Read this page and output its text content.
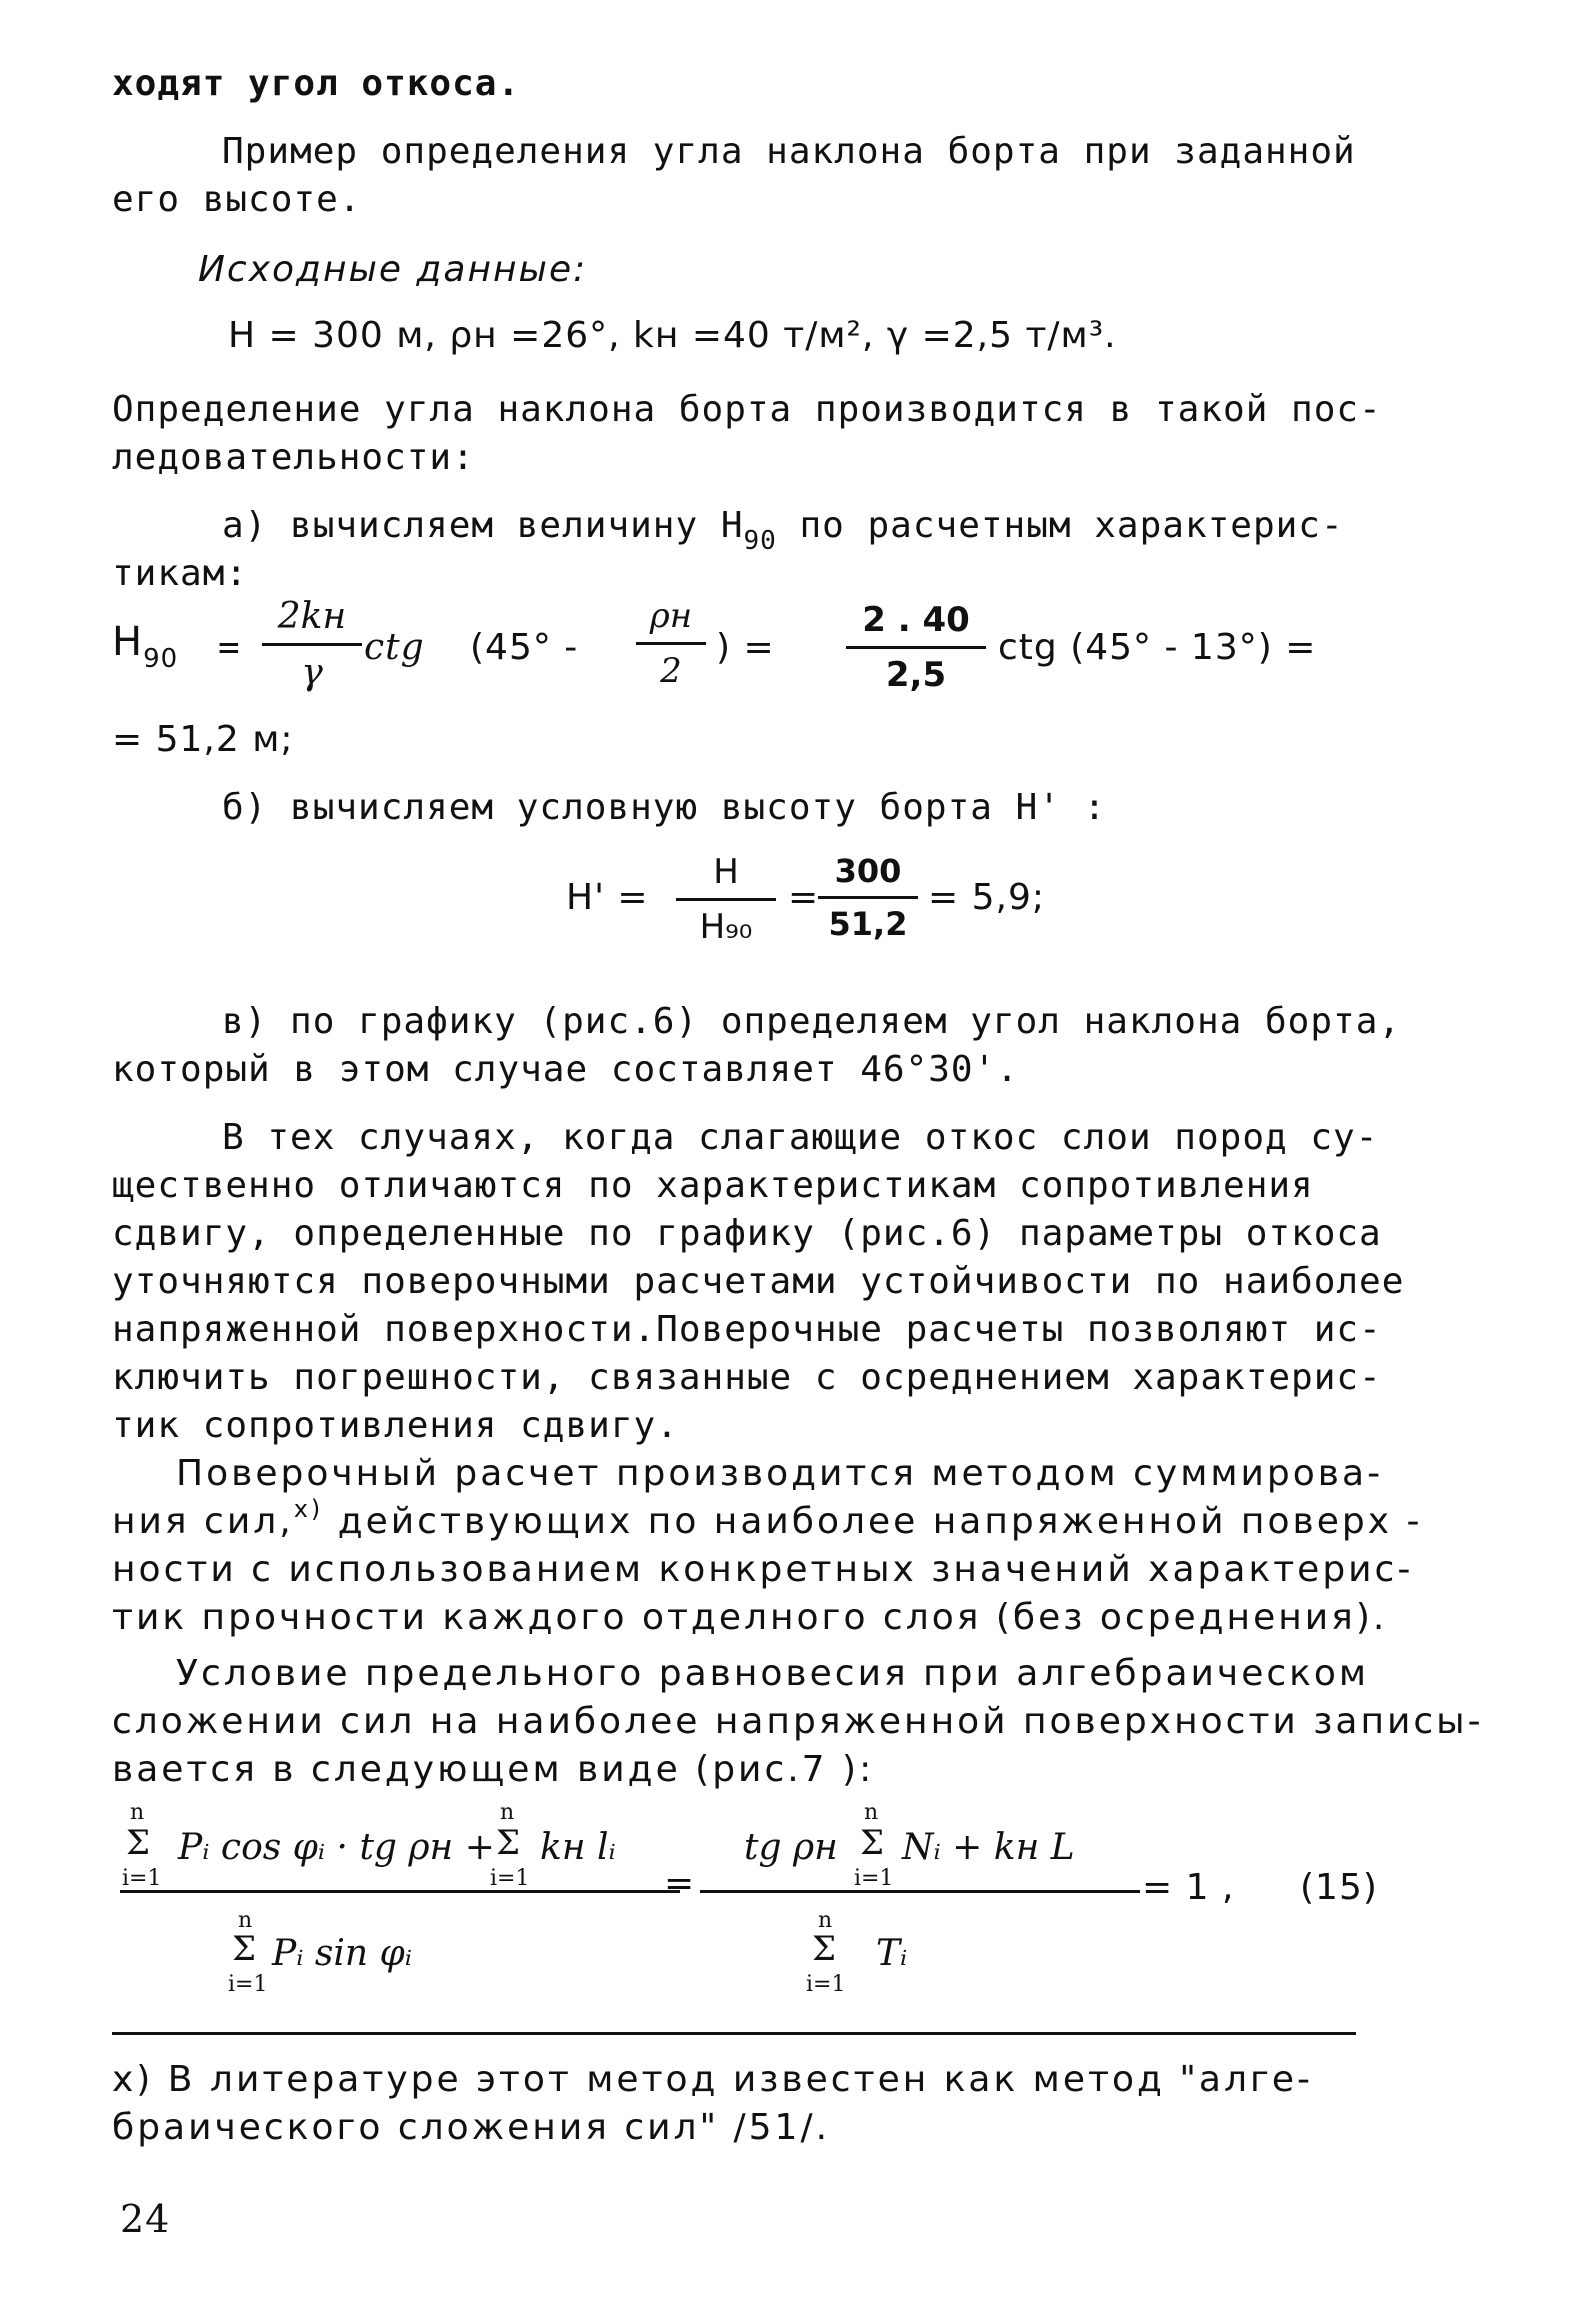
ходят угол откоса.
Пример определения угла наклона борта при заданной
его высоте.
Исходные данные:
H = 300 м, ρн =26°, kн =40 т/м², γ =2,5 т/м³.
Определение угла наклона борта производится в такой пос-
ледовательности:
а) вычисляем величину $H_{90}$ по расчетным характерис-
тикам:
$H_{90}$ =
2kн
γ
ctg (45° -
ρн
2
) =
2 . 40
2,5
ctg (45° - 13°) =
= 51,2 м;
б) вычисляем условную высоту борта H' :
H' =
H
H₉₀
=
300
51,2
= 5,9;
в) по графику (рис.6) определяем угол наклона борта,
который в этом случае составляет 46°30'.
В тех случаях, когда слагающие откос слои пород су-
щественно отличаются по характеристикам сопротивления
сдвигу, определенные по графику (рис.6) параметры откоса
уточняются поверочными расчетами устойчивости по наиболее
напряженной поверхности.Поверочные расчеты позволяют ис-
ключить погрешности, связанные с осреднением характерис-
тик сопротивления сдвигу.
Поверочный расчет производится методом суммирова-
ния сил,$^{x)}$ действующих по наиболее напряженной поверх -
ности с использованием конкретных значений характерис-
тик прочности каждого отделного слоя (без осреднения).
Условие предельного равновесия при алгебраическом
сложении сил на наиболее напряженной поверхности записы-
вается в следующем виде (рис.7 ):
n
Σ
i=1
Pᵢ cos φᵢ · tg ρн +
n
Σ
i=1
kн lᵢ
n
Σ
i=1
Pᵢ sin φᵢ
=
tg ρн
n
Σ
i=1
Nᵢ + kн L
n
Σ
i=1
Tᵢ
= 1 , (15)
x) В литературе этот метод известен как метод "алге-
браического сложения сил" /51/.
24
